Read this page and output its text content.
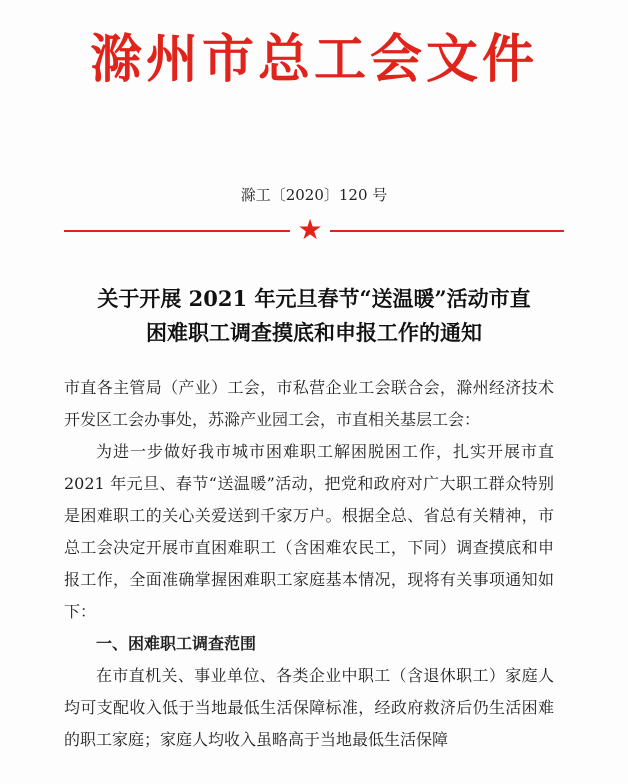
滁州市总工会文件
滁工〔2020〕120 号
★
关于开展 2021 年元旦春节“送温暖”活动市直
困难职工调查摸底和申报工作的通知

市直各主管局（产业）工会，市私营企业工会联合会，滁州经济技术开发区工会办事处，苏滁产业园工会，市直相关基层工会：

为进一步做好我市城市困难职工解困脱困工作，扎实开展市直 2021 年元旦、春节“送温暖”活动，把党和政府对广大职工群众特别是困难职工的关心关爱送到千家万户。根据全总、省总有关精神，市总工会决定开展市直困难职工（含困难农民工，下同）调查摸底和申报工作，全面准确掌握困难职工家庭基本情况，现将有关事项通知如下：

一、困难职工调查范围

在市直机关、事业单位、各类企业中职工（含退休职工）家庭人均可支配收入低于当地最低生活保障标准，经政府救济后仍生活困难的职工家庭；家庭人均收入虽略高于当地最低生活保障
